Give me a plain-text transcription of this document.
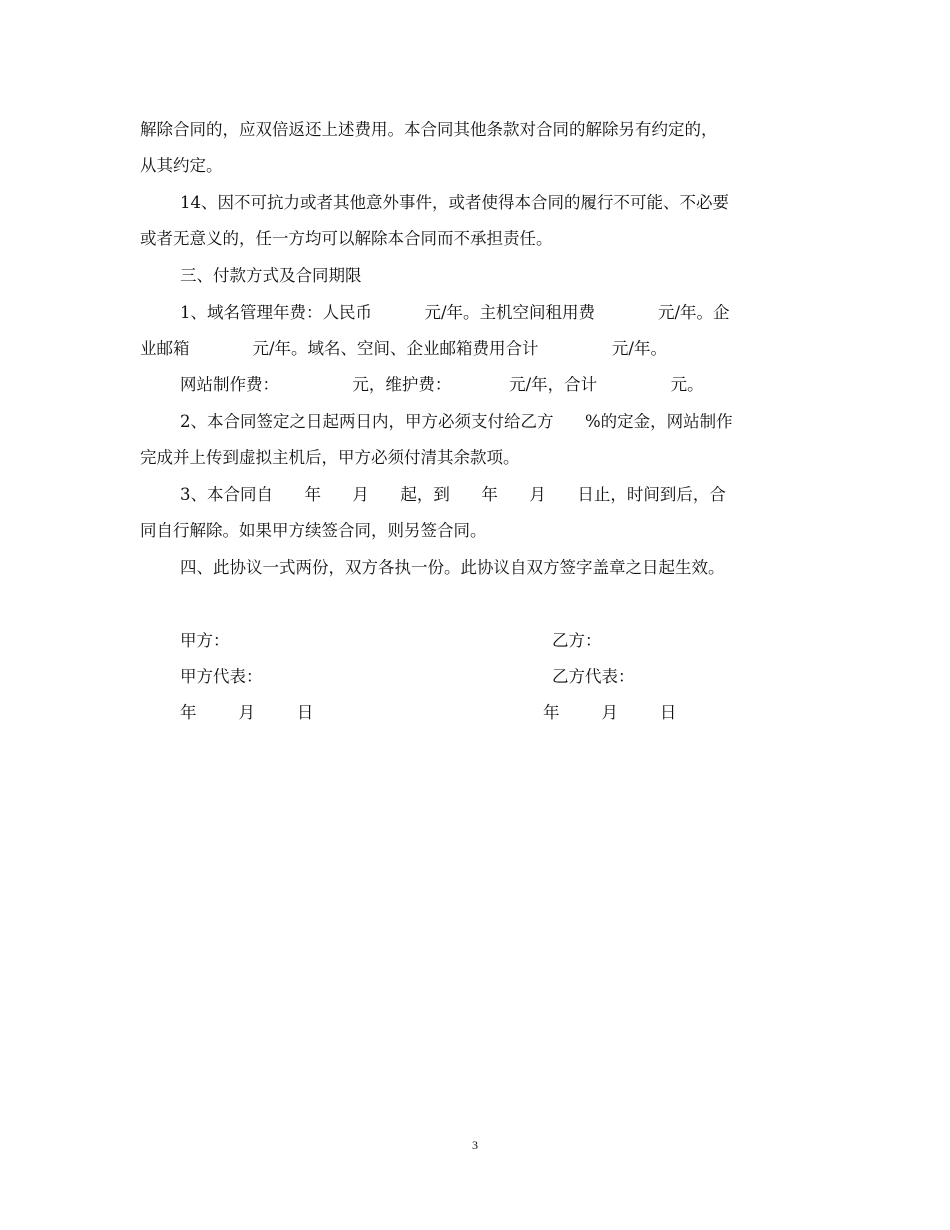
解除合同的，应双倍返还上述费用。本合同其他条款对合同的解除另有约定的，
从其约定。
14、因不可抗力或者其他意外事件，或者使得本合同的履行不可能、不必要
或者无意义的，任一方均可以解除本合同而不承担责任。
三、付款方式及合同期限
1、域名管理年费：人民币          元/年。主机空间租用费            元/年。企
业邮箱            元/年。域名、空间、企业邮箱费用合计              元/年。
网站制作费：              元，维护费：           元/年，合计              元。
2、本合同签定之日起两日内，甲方必须支付给乙方      %的定金，网站制作
完成并上传到虚拟主机后，甲方必须付清其余款项。
3、本合同自      年      月      起，到      年      月      日止，时间到后，合
同自行解除。如果甲方续签合同，则另签合同。
四、此协议一式两份，双方各执一份。此协议自双方签字盖章之日起生效。
甲方：	乙方：
甲方代表：	乙方代表：
年        月        日	年        月        日
3
